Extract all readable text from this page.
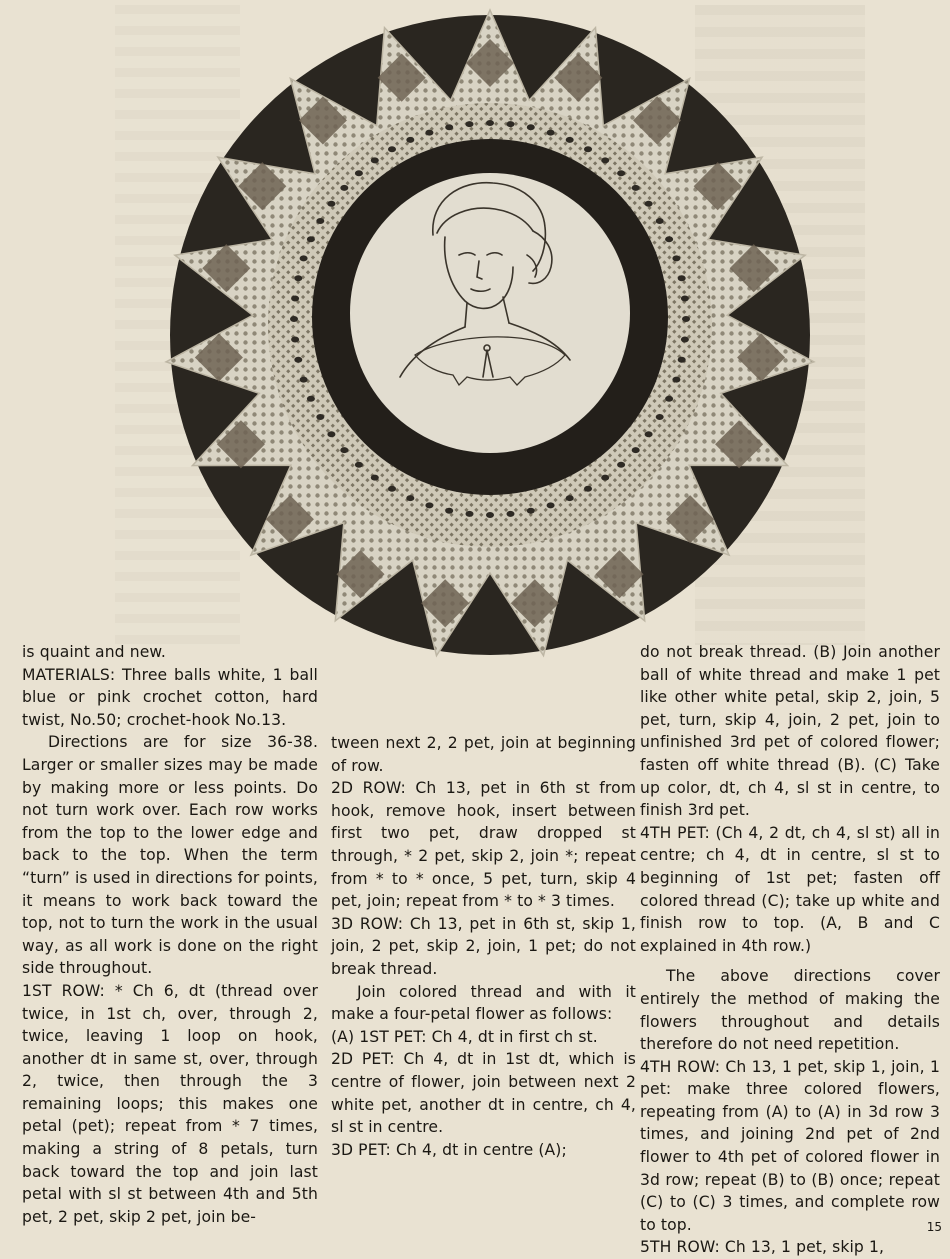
is quaint and new.

MATERIALS: Three balls white, 1 ball blue or pink crochet cotton, hard twist, No.50; crochet-hook No.13.

Directions are for size 36-38. Larger or smaller sizes may be made by making more or less points. Do not turn work over. Each row works from the top to the lower edge and back to the top. When the term “turn” is used in directions for points, it means to work back toward the top, not to turn the work in the usual way, as all work is done on the right side throughout.

1ST ROW: * Ch 6, dt (thread over twice, in 1st ch, over, through 2, twice, leaving 1 loop on hook, another dt in same st, over, through 2, twice, then through the 3 remaining loops; this makes one petal (pet); repeat from * 7 times, making a string of 8 petals, turn back toward the top and join last petal with sl st between 4th and 5th pet, 2 pet, skip 2 pet, join be-

tween next 2, 2 pet, join at beginning of row.

2D ROW: Ch 13, pet in 6th st from hook, remove hook, insert between first two pet, draw dropped st through, * 2 pet, skip 2, join *; repeat from * to * once, 5 pet, turn, skip 4 pet, join; repeat from * to * 3 times.

3D ROW: Ch 13, pet in 6th st, skip 1, join, 2 pet, skip 2, join, 1 pet; do not break thread.

Join colored thread and with it make a four-petal flower as follows:

(A) 1ST PET: Ch 4, dt in first ch st.

2D PET: Ch 4, dt in 1st dt, which is centre of flower, join between next 2 white pet, another dt in centre, ch 4, sl st in centre.

3D PET: Ch 4, dt in centre (A);

do not break thread. (B) Join another ball of white thread and make 1 pet like other white petal, skip 2, join, 5 pet, turn, skip 4, join, 2 pet, join to unfinished 3rd pet of colored flower; fasten off white thread (B). (C) Take up color, dt, ch 4, sl st in centre, to finish 3rd pet.

4TH PET: (Ch 4, 2 dt, ch 4, sl st) all in centre; ch 4, dt in centre, sl st to beginning of 1st pet; fasten off colored thread (C); take up white and finish row to top. (A, B and C explained in 4th row.)

The above directions cover entirely the method of making the flowers throughout and details therefore do not need repetition.

4TH ROW: Ch 13, 1 pet, skip 1, join, 1 pet: make three colored flowers, repeating from (A) to (A) in 3d row 3 times, and joining 2nd pet of 2nd flower to 4th pet of colored flower in 3d row; repeat (B) to (B) once; repeat (C) to (C) 3 times, and complete row to top.

5TH ROW: Ch 13, 1 pet, skip 1,

15
